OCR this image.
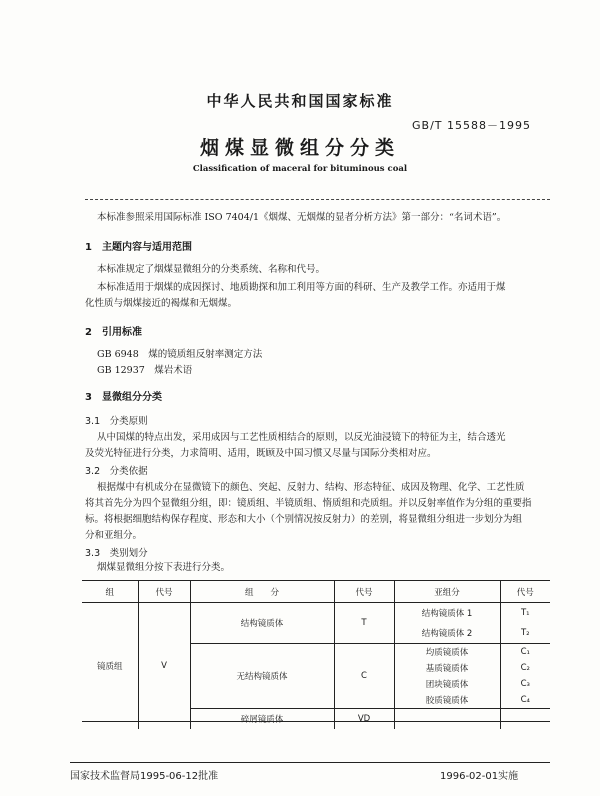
中华人民共和国国家标准
GB/T 15588－1995
烟煤显微组分分类
Classification of maceral for bituminous coal
本标准参照采用国际标准 ISO 7404/1《烟煤、无烟煤的显者分析方法》第一部分：“名词术语”。
1　主题内容与适用范围
本标准规定了烟煤显微组分的分类系统、名称和代号。
本标准适用于烟煤的成因探讨、地质勘探和加工利用等方面的科研、生产及教学工作。亦适用于煤
化性质与烟煤接近的褐煤和无烟煤。
2　引用标准
GB 6948　煤的镜质组反射率测定方法
GB 12937　煤岩术语
3　显微组分分类
3.1　分类原则
从中国煤的特点出发，采用成因与工艺性质相结合的原则，以反光油浸镜下的特征为主，结合透光
及荧光特征进行分类，力求简明、适用，既顾及中国习惯又尽量与国际分类相对应。
3.2　分类依据
根据煤中有机成分在显微镜下的颜色、突起、反射力、结构、形态特征、成因及物理、化学、工艺性质
将其首先分为四个显微组分组，即：镜质组、半镜质组、惰质组和壳质组。并以反射率值作为分组的重要指
标。将根据细胞结构保存程度、形态和大小（个别情况按反射力）的差别，将显微组分组进一步划分为组
分和亚组分。
3.3　类别划分
烟煤显微组分按下表进行分类。
组	代号	组　　分	代号	亚组分	代号
镜质组	V	结构镜质体	T	结构镜质体 1	T₁
				结构镜质体 2	T₂
		无结构镜质体	C	均质镜质体	C₁
				基质镜质体	C₂
				团块镜质体	C₃
				胶质镜质体	C₄
		碎屑镜质体	VD		
国家技术监督局1995-06-12批准	1996-02-01实施
